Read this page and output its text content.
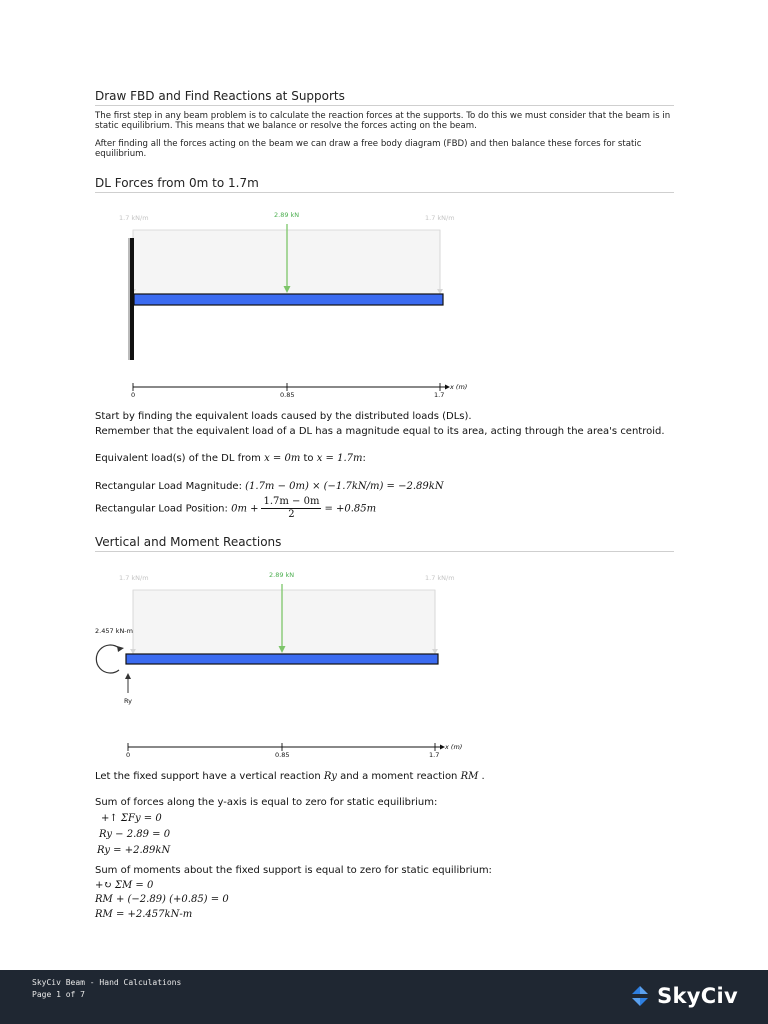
Draw FBD and Find Reactions at Supports

The first step in any beam problem is to calculate the reaction forces at the supports. To do this we must consider that the beam is in static equilibrium. This means that we balance or resolve the forces acting on the beam.

After finding all the forces acting on the beam we can draw a free body diagram (FBD) and then balance these forces for static equilibrium.

DL Forces from 0m to 1.7m
1.7 kN/m	1.7 kN/m
2.89 kN
0	0.85	1.7
x (m)
Start by finding the equivalent loads caused by the distributed loads (DLs).
Remember that the equivalent load of a DL has a magnitude equal to its area, acting through the area's centroid.
Equivalent load(s) of the DL from x = 0m to x = 1.7m:
Rectangular Load Magnitude: (1.7m − 0m) × (−1.7kN/m) = −2.89kN
Rectangular Load Position: $0m + \frac{1.7m - 0m}{2} = +0.85m$
Vertical and Moment Reactions
1.7 kN/m	1.7 kN/m
2.89 kN
2.457 kN-m
Ry
0	0.85	1.7
x (m)
Let the fixed support have a vertical reaction Ry and a moment reaction RM .
Sum of forces along the y-axis is equal to zero for static equilibrium:
+↑ ΣFy = 0
Ry − 2.89 = 0
Ry = +2.89kN
Sum of moments about the fixed support is equal to zero for static equilibrium:
+↻ ΣM = 0
RM + (−2.89) (+0.85) = 0
RM = +2.457kN-m
SkyCiv Beam - Hand Calculations
Page 1 of 7	SkyCiv
